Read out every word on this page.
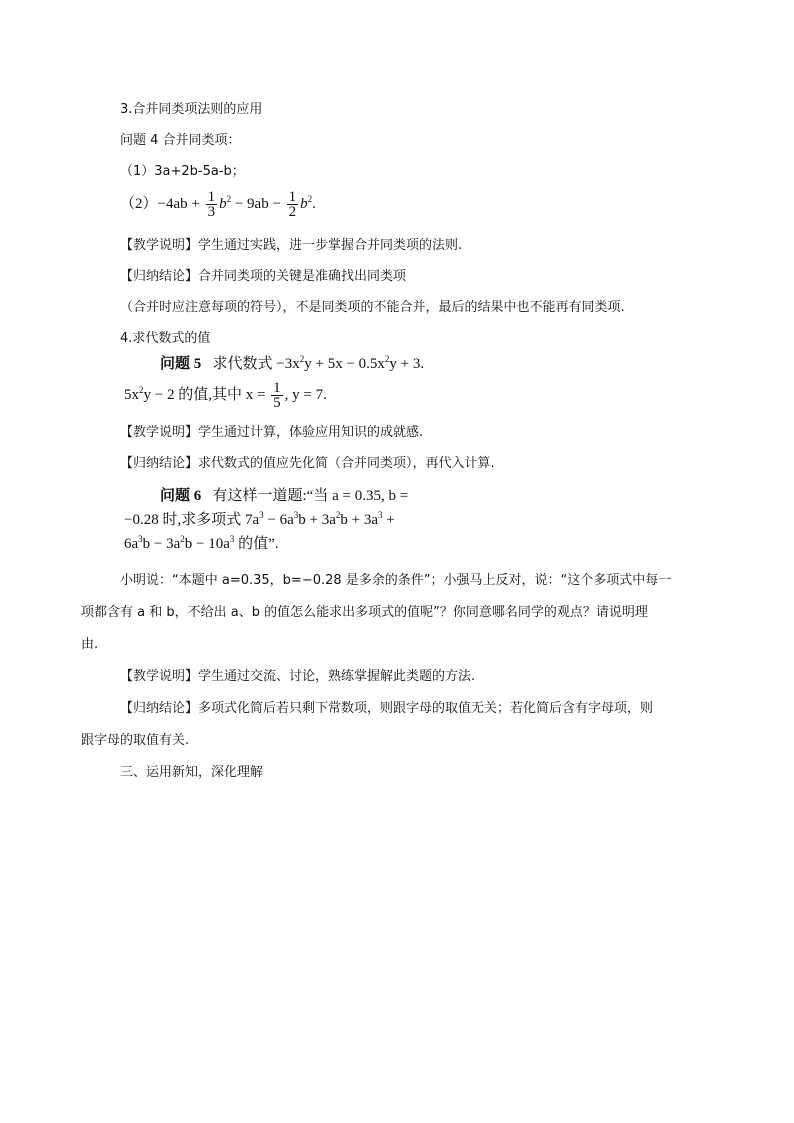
3.合并同类项法则的应用
问题 4 合并同类项：
（1）3a+2b-5a-b；
$(2)-4ab + \frac{1}{3} b^2 - 9ab - \frac{1}{2} b^2$.
【教学说明】学生通过实践，进一步掌握合并同类项的法则.
【归纳结论】合并同类项的关键是准确找出同类项
（合并时应注意每项的符号），不是同类项的不能合并，最后的结果中也不能再有同类项.
4.求代数式的值
问题 5 求代数式 $-3x^2y + 5x - 0.5x^2y + 3$.
$5x^2y - 2$ 的值,其中 $x = \frac{1}{5}$ , y = 7.
【教学说明】学生通过计算，体验应用知识的成就感.
【归纳结论】求代数式的值应先化简（合并同类项），再代入计算.
问题 6 有这样一道题:“当 a = 0.35, b =
−0.28 时,求多项式 $7a^3 - 6a^3b + 3a^2b + 3a^3$ +
$6a^3b - 3a^2b - 10a^3$ 的值”.
小明说：“本题中 a=0.35，b=−0.28 是多余的条件”；小强马上反对，说：“这个多项式中每一
项都含有 a 和 b，不给出 a、b 的值怎么能求出多项式的值呢”？你同意哪名同学的观点？请说明理
由.
【教学说明】学生通过交流、讨论，熟练掌握解此类题的方法.
【归纳结论】多项式化简后若只剩下常数项，则跟字母的取值无关；若化简后含有字母项，则
跟字母的取值有关.
三、运用新知，深化理解
